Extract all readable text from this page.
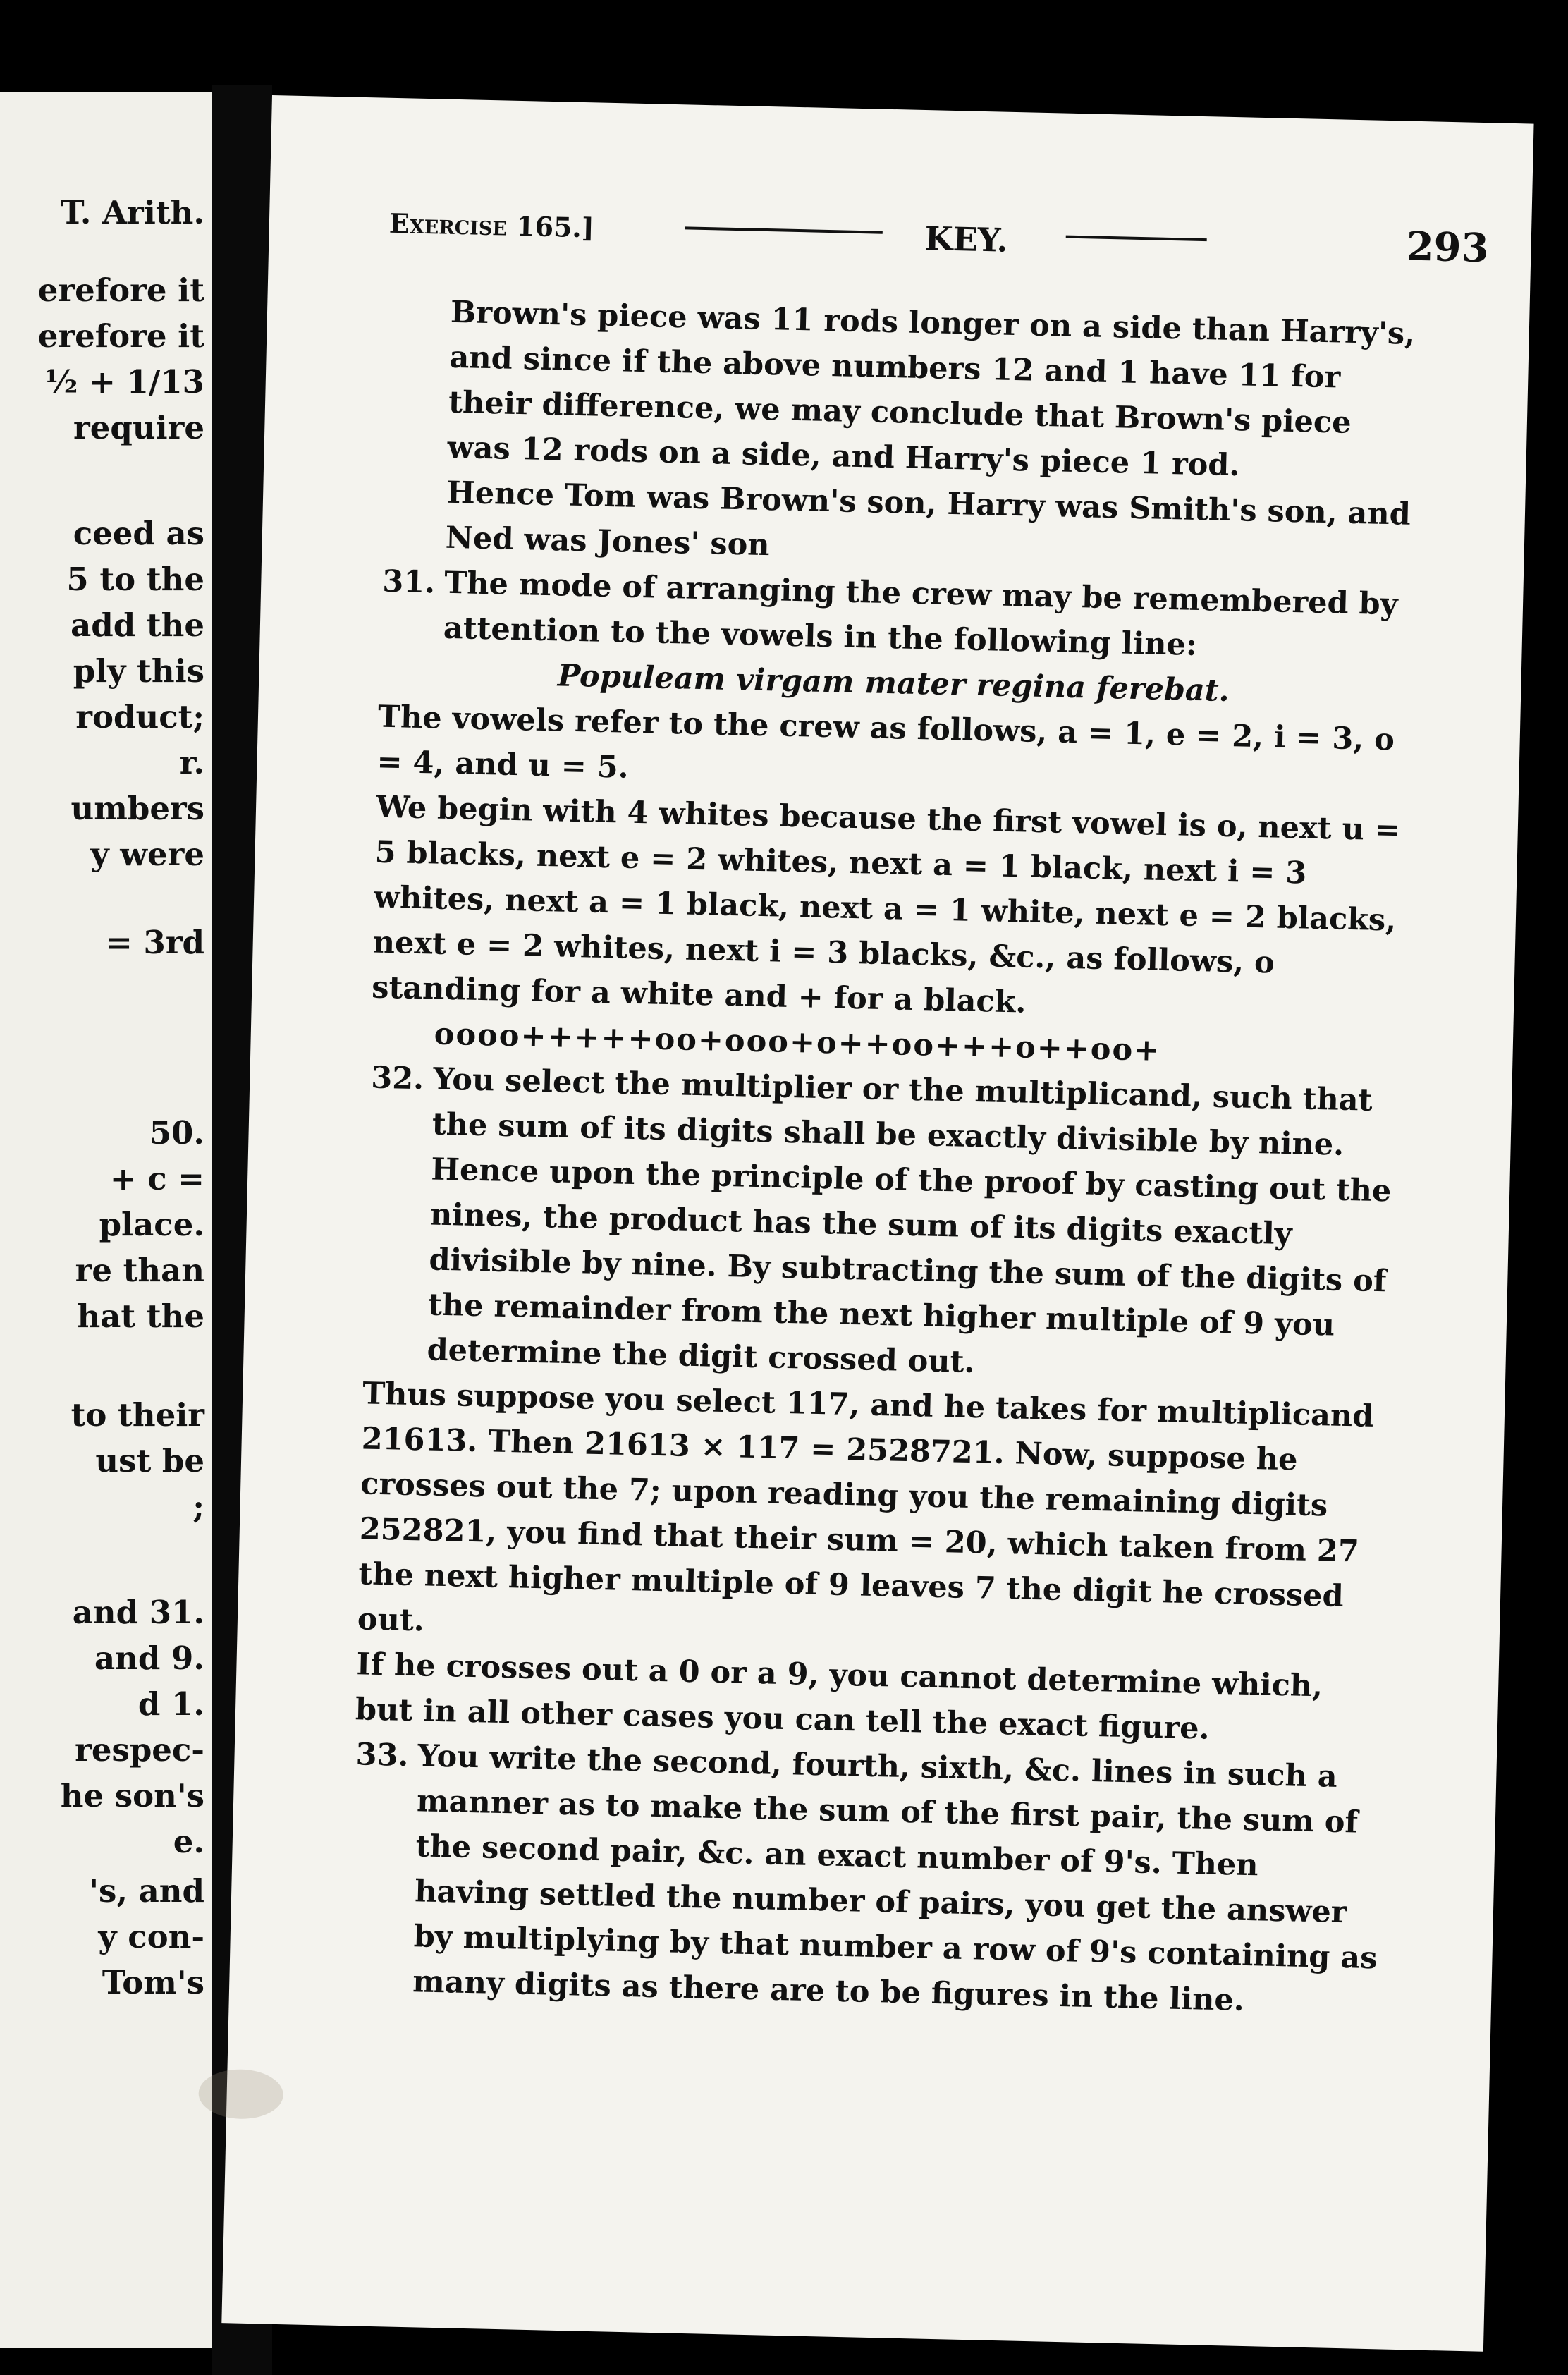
T. Arith.
erefore it
erefore it
½ + 1/13
require
ceed as
5 to the
add the
ply this
roduct;
r.
umbers
y were
= 3rd
50.
+ c =
place.
re than
hat the
to their
ust be
;
and 31.
and 9.
d 1.
respec-
he son's
e.
's, and
y con-
Tom's
Exercise 165.]	KEY.	293

Brown's piece was 11 rods longer on a side than Harry's, and since if the above numbers 12 and 1 have 11 for their difference, we may conclude that Brown's piece was 12 rods on a side, and Harry's piece 1 rod.

Hence Tom was Brown's son, Harry was Smith's son, and Ned was Jones' son

31. The mode of arranging the crew may be remembered by attention to the vowels in the following line:

Populeam virgam mater regina ferebat.

The vowels refer to the crew as follows, a = 1, e = 2, i = 3, o = 4, and u = 5.

We begin with 4 whites because the first vowel is o, next u = 5 blacks, next e = 2 whites, next a = 1 black, next i = 3 whites, next a = 1 black, next a = 1 white, next e = 2 blacks, next e = 2 whites, next i = 3 blacks, &c., as follows, o standing for a white and + for a black.

oooo+++++oo+ooo+o++oo+++o++oo+

32. You select the multiplier or the multiplicand, such that the sum of its digits shall be exactly divisible by nine. Hence upon the principle of the proof by casting out the nines, the product has the sum of its digits exactly divisible by nine. By subtracting the sum of the digits of the remainder from the next higher multiple of 9 you determine the digit crossed out.

Thus suppose you select 117, and he takes for multiplicand 21613. Then 21613 × 117 = 2528721. Now, suppose he crosses out the 7; upon reading you the remaining digits 252821, you find that their sum = 20, which taken from 27 the next higher multiple of 9 leaves 7 the digit he crossed out.

If he crosses out a 0 or a 9, you cannot determine which, but in all other cases you can tell the exact figure.

33. You write the second, fourth, sixth, &c. lines in such a manner as to make the sum of the first pair, the sum of the second pair, &c. an exact number of 9's. Then having settled the number of pairs, you get the answer by multiplying by that number a row of 9's containing as many digits as there are to be figures in the line.
